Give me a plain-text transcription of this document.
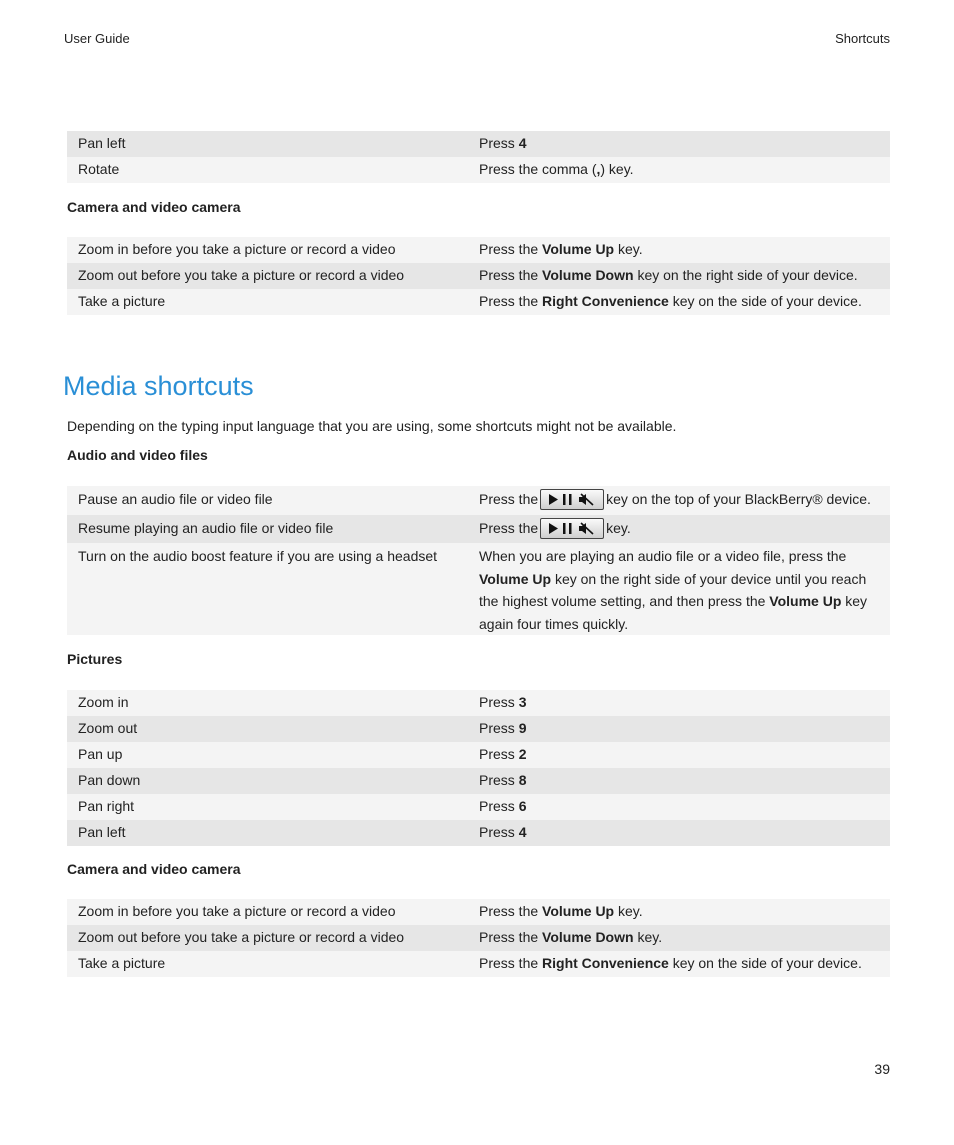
User Guide	Shortcuts
Pan left	Press 4
Rotate	Press the comma (,) key.
Camera and video camera
Zoom in before you take a picture or record a video	Press the Volume Up key.
Zoom out before you take a picture or record a video	Press the Volume Down key on the right side of your device.
Take a picture	Press the Right Convenience key on the side of your device.
Media shortcuts
Depending on the typing input language that you are using, some shortcuts might not be available.
Audio and video files
Pause an audio file or video file	Press the	key on the top of your BlackBerry® device.
Resume playing an audio file or video file	Press the	key.
Turn on the audio boost feature if you are using a headset	When you are playing an audio file or a video file, press the Volume Up key on the right side of your device until you reach the highest volume setting, and then press the Volume Up key again four times quickly.
Pictures
Zoom in	Press 3
Zoom out	Press 9
Pan up	Press 2
Pan down	Press 8
Pan right	Press 6
Pan left	Press 4
Camera and video camera
Zoom in before you take a picture or record a video	Press the Volume Up key.
Zoom out before you take a picture or record a video	Press the Volume Down key.
Take a picture	Press the Right Convenience key on the side of your device.
39
